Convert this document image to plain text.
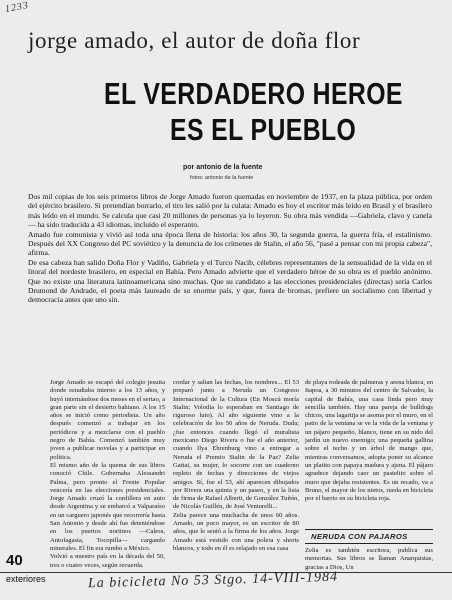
1233
jorge amado, el autor de doña flor
EL VERDADERO HEROE
ES EL PUEBLO
por antonio de la fuente
fotos: antonio de la fuente

Dos mil copias de los seis primeros libros de Jorge Amado fueron quemadas en noviembre de 1937, en la plaza pública, por orden del ejército brasilero. Si pretendían borrarlo, el tiro les salió por la culata: Amado es hoy el escritor más leído en Brasil y el brasilero más leído en el mundo. Se calcula que casi 20 millones de personas ya lo leyeron. Su obra más vendida —Gabriela, clavo y canela— ha sido traducida a 43 idiomas, incluido el esperanto.

Amado fue comunista y vivió así toda una época llena de historia: los años 30, la segunda guerra, la guerra fría, el estalinismo. Después del XX Congreso del PC soviético y la denuncia de los crímenes de Stalin, el año 56, "pasé a pensar con mi propia cabeza", afirma.

De esa cabeza han salido Doña Flor y Vadiño, Gabriela y el Turco Nacib, célebres representantes de la sensualidad de la vida en el litoral del nordeste brasilero, en especial en Bahía. Pero Amado advierte que el verdadero héroe de su obra es el pueblo anónimo. Que no existe una literatura latinoamericana sino muchas. Que su candidato a las elecciones presidenciales (directas) sería Carlos Drumond de Andrade, el poeta más laureado de su enorme país, y que, fuera de bromas, prefiere un socialismo con libertad y democracia antes que uno sin.

Jorge Amado se escapó del colegio jesuita donde estudiaba interno a los 13 años, y huyó internándose dos meses en el sertao, a gran parte sin el desierto bahiano. A los 15 años se inició como periodista. Un año después comenzó a trabajar en los periódicos y a mezclarse con el pueblo negro de Bahía. Comenzó también muy joven a publicar novelas y a participar en política.

El mismo año de la quema de sus libros conoció Chile. Gobernaba Alessandri Palma, pero pronto el Frente Popular vencería en las elecciones presidenciales. Jorge Amado cruzó la cordillera en auto desde Argentina y se embarcó a Valparaíso en un carguero japonés que recorrería hasta San Antonio y desde ahí fue deteniéndose en los puertos nortinos —Calera, Antofagasta, Tocopilla— cargando minerales. El fin era rumbo a México.

Volvió a nuestro país en la década del 50, tres o cuatro veces, según recuerda.

cordar y saltan las fechas, los nombres... El 53 preparó junto a Neruda un Congreso Internacional de la Cultura (En Moscú moría Stalin; Volodia lo esperaban en Santiago de riguroso luto). Al año siguiente vino a la celebración de los 50 años de Neruda. Duda; ¿fue entonces cuando llegó el muralista mexicano Diego Rivera o fue el año anterior, cuando Ilya Ehrenburg vino a entregar a Neruda el Premio Stalin de la Paz? Zelia Gattai, su mujer, lo socorre con un cuaderno repleto de fechas y direcciones de viejos amigos. Sí, fue el 53, ahí aparecen dibujados por Rivera una quinta y un paseo, y en la lista de firma de Rafael Alberti, de González Tuñón, de Nicolás Guillén, de José Venturelli...

Zelia parece una muchacha de unos 60 años. Amado, un poco mayor, es un escritor de 80 años, que le sentó a la firma de los años. Jorge Amado está vestido con una polera y shorts blancos, y todo en él es relajado en esa casa

de playa rodeada de palmeras y arena blanca, en Itapoa, a 30 minutos del centro de Salvador, la capital de Bahía, una casa linda pero muy sencilla también. Hay una pareja de bulldogs chicos, una lagartija se asoma por el muro, en el patio de la ventana se ve la vida de la ventana y un pájaro pequeño, blanco, tiene en su nido del jardín un nuevo enemigo; una pequeña gallina sobre el techo y un árbol de mango que, mientras conversamos, adopta poner su alcance un platito con papaya madura y ajena. El pájaro agradece dejando caer un pastelito sobre el muro que dejaba resistentes. Es un recado, va a Bruno, el mayor de los nietos, rueda en bicicleta por el barrio en su bicicleta roja.

NERUDA CON PAJAROS

Zelia es también escritora, publica sus memorias. Sus libros se llaman Anarquistas, gracias a Dios, Un

40
exteriores	La bicicleta No 53 Stgo. 14-VIII-1984
